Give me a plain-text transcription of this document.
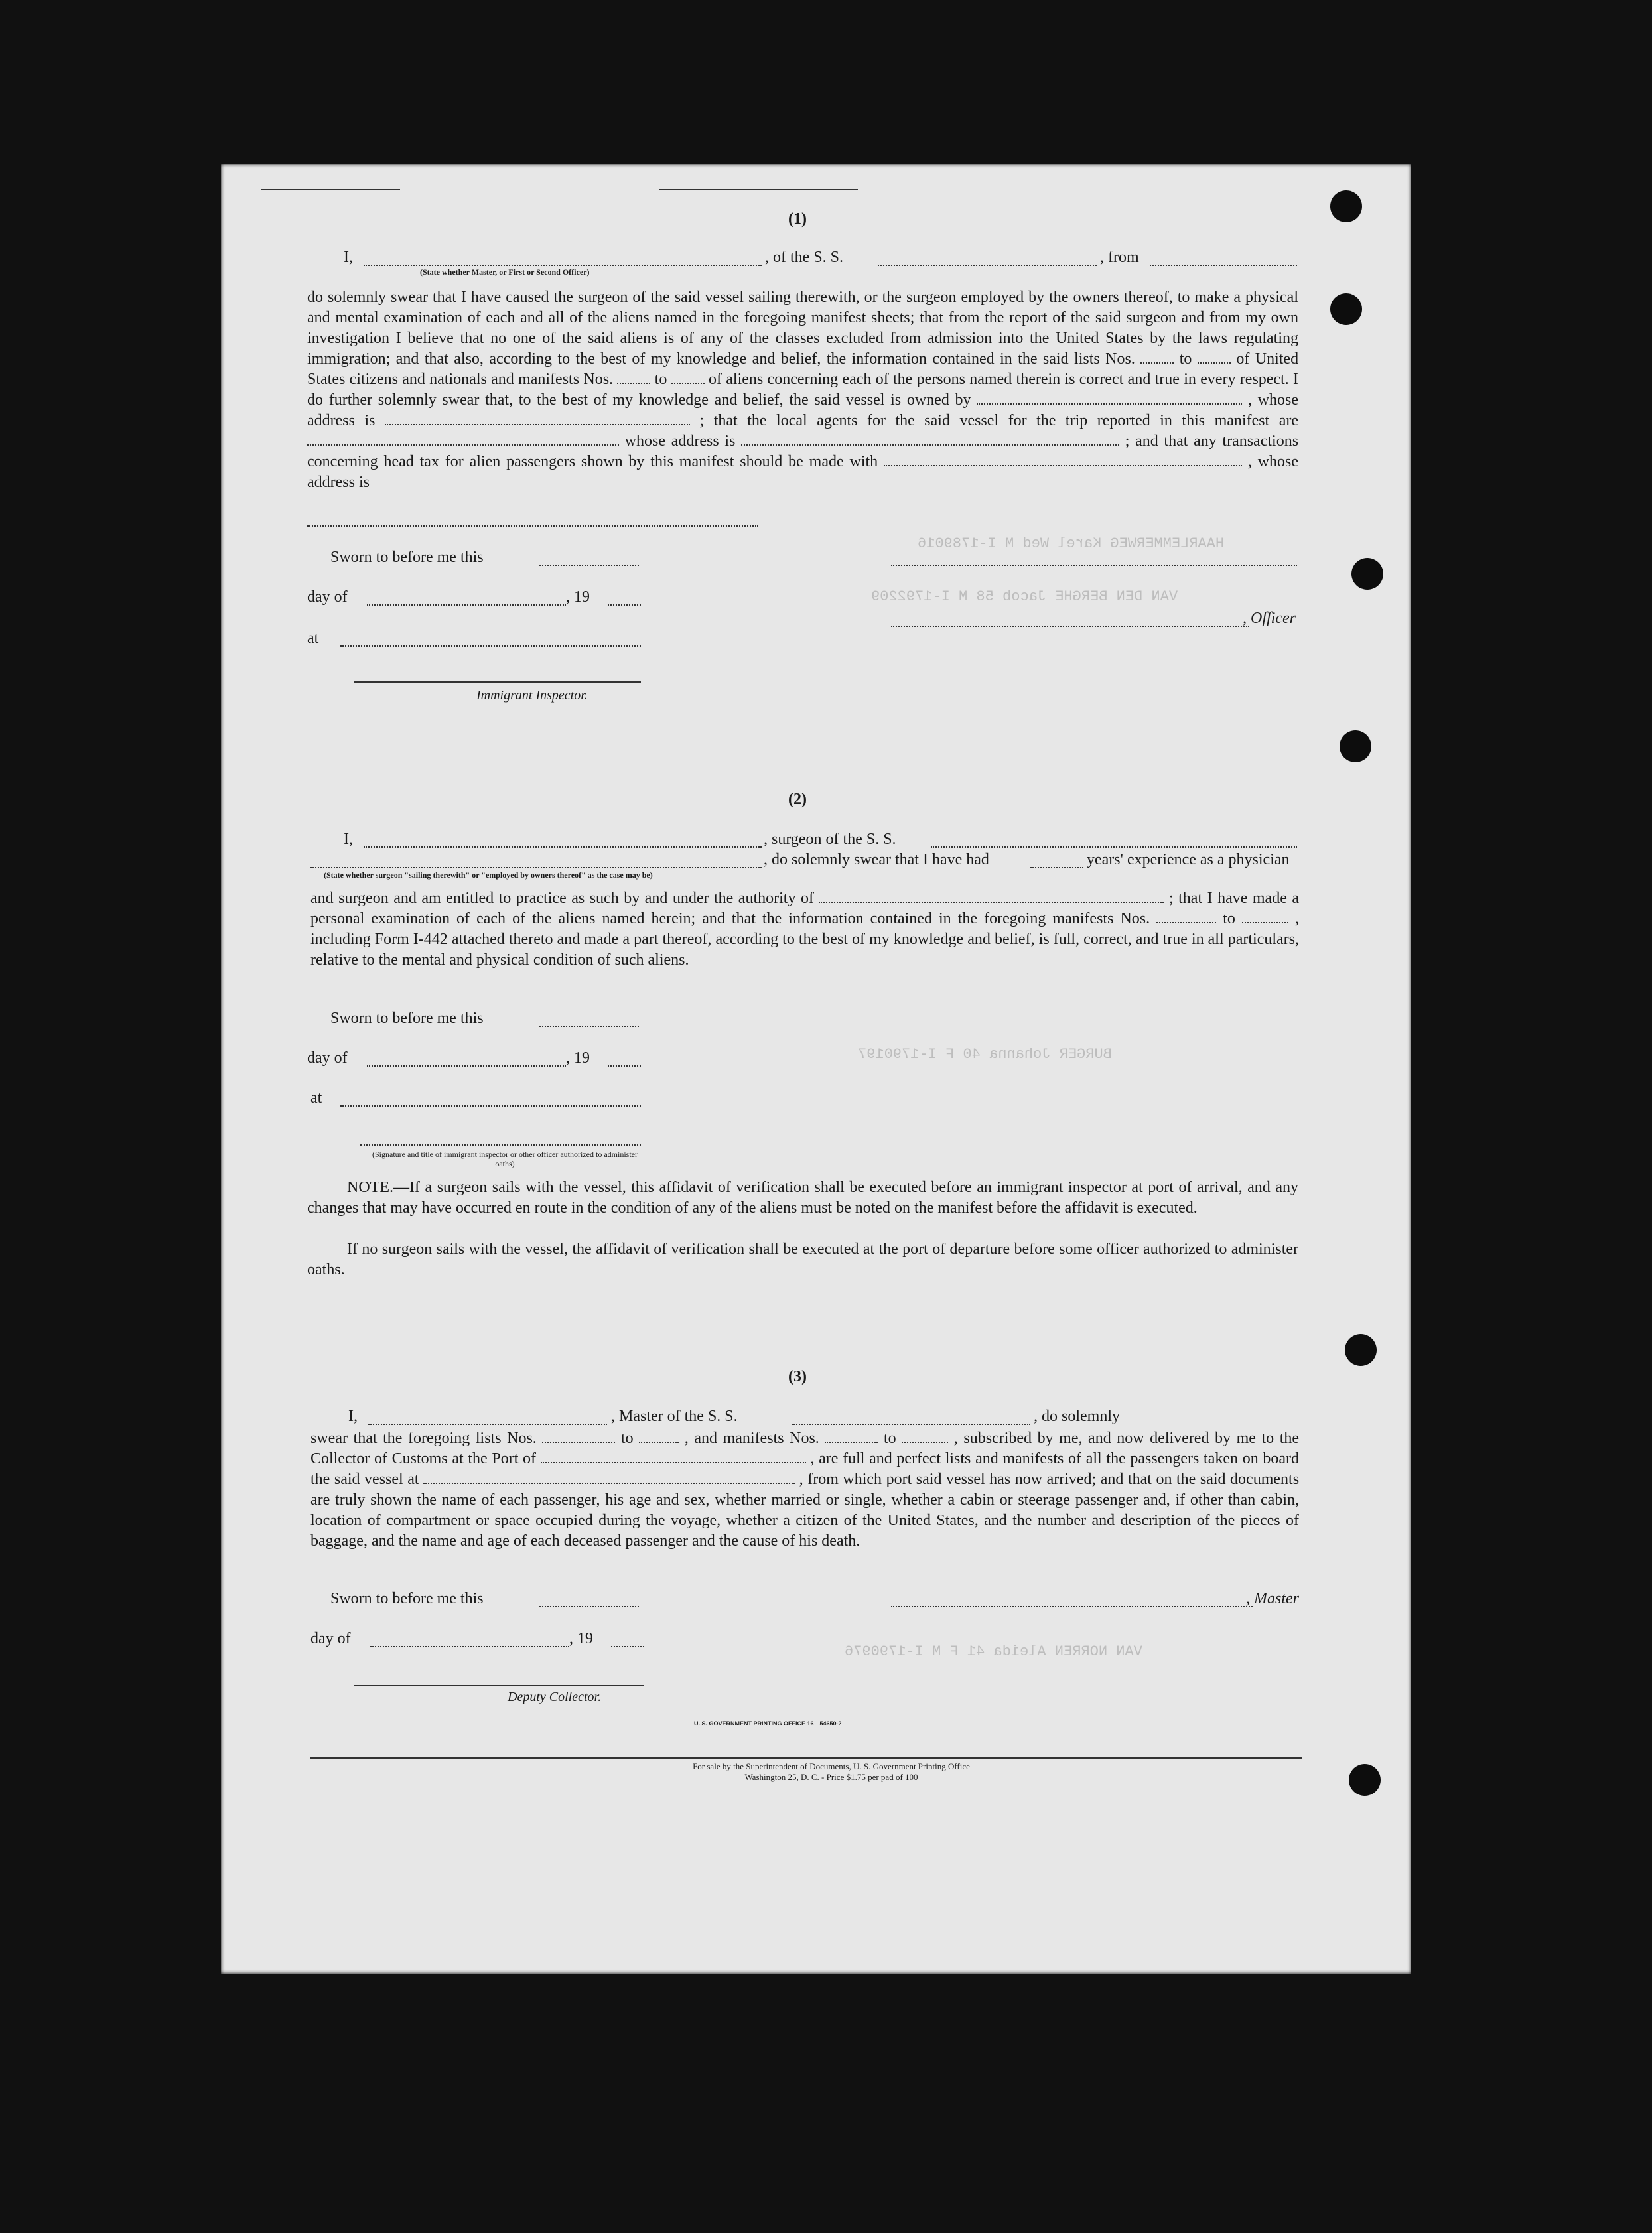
HAARLEMMERWEG Karel Wed M I-1789016
VAN DEN BERGHE Jacob 58 M I-1792209
BURGER Johanna 40 F I-1790197
VAN NORREN Aleida 41 F M I-1790976
(1)
I,
(State whether Master, or First or Second Officer)
, of the S. S.	, from
do solemnly swear that I have caused the surgeon of the said vessel sailing therewith, or the surgeon employed by the owners thereof, to make a physical and mental examination of each and all of the aliens named in the foregoing manifest sheets; that from the report of the said surgeon and from my own investigation I believe that no one of the said aliens is of any of the classes excluded from admission into the United States by the laws regulating immigration; and that also, according to the best of my knowledge and belief, the information contained in the said lists Nos.	to	of United States citizens and nationals and manifests Nos.	to	of aliens concerning each of the persons named therein is correct and true in every respect. I do further solemnly swear that, to the best of my knowledge and belief, the said vessel is owned by	, whose address is	; that the local agents for the said vessel for the trip reported in this manifest are  whose address is	; and that any transactions concerning head tax for alien passengers shown by this manifest should be made with	, whose address is
Sworn to before me this
day of	, 19
, Officer
at
Immigrant Inspector.
(2)
I,	, surgeon of the S. S.
(State whether surgeon "sailing therewith" or "employed by owners thereof" as the case may be)
, do solemnly swear that I have had	years' experience as a physician
and surgeon and am entitled to practice as such by and under the authority of	; that I have made a personal examination of each of the aliens named herein; and that the information contained in the foregoing manifests Nos.	to	, including Form I-442 attached thereto and made a part thereof, according to the best of my knowledge and belief, is full, correct, and true in all particulars, relative to the mental and physical condition of such aliens.
Sworn to before me this
day of	, 19
at
(Signature and title of immigrant inspector or other officer authorized to administer oaths)
NOTE.—If a surgeon sails with the vessel, this affidavit of verification shall be executed before an immigrant inspector at port of arrival, and any changes that may have occurred en route in the condition of any of the aliens must be noted on the manifest before the affidavit is executed.
If no surgeon sails with the vessel, the affidavit of verification shall be executed at the port of departure before some officer authorized to administer oaths.
(3)
I,	, Master of the S. S.	, do solemnly
swear that the foregoing lists Nos.	to	, and manifests Nos.	to	, subscribed by me, and now delivered by me to the Collector of Customs at the Port of	, are full and perfect lists and manifests of all the passengers taken on board the said vessel at	, from which port said vessel has now arrived; and that on the said documents are truly shown the name of each passenger, his age and sex, whether married or single, whether a cabin or steerage passenger and, if other than cabin, location of compartment or space occupied during the voyage, whether a citizen of the United States, and the number and description of the pieces of baggage, and the name and age of each deceased passenger and the cause of his death.
Sworn to before me this	, Master
day of	, 19
Deputy Collector.
U. S. GOVERNMENT PRINTING OFFICE 16—54650-2
For sale by the Superintendent of Documents, U. S. Government Printing Office
Washington 25, D. C. - Price $1.75 per pad of 100
